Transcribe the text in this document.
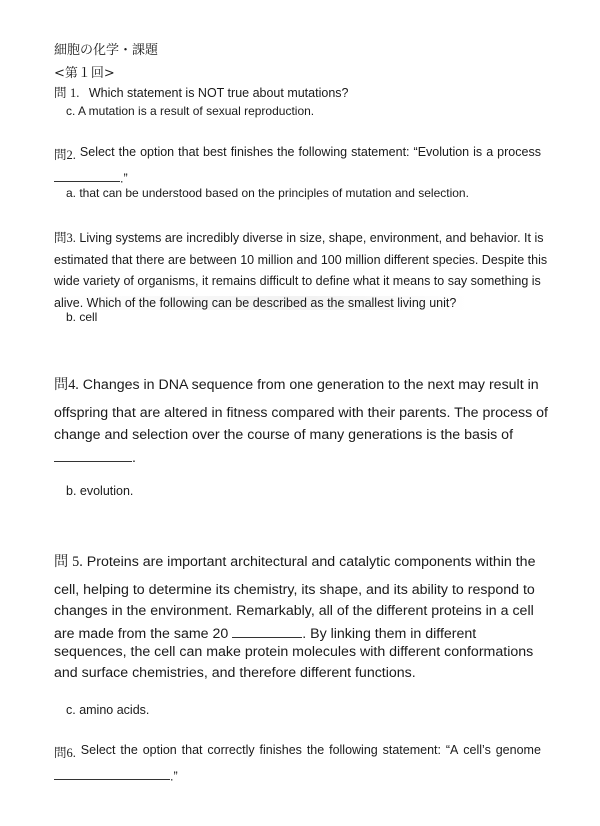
細胞の化学・課題
<第１回>
問 1. Which statement is NOT true about mutations?
c. A mutation is a result of sexual reproduction.
問2. Select the option that best finishes the following statement: “Evolution is a process
.”
a. that can be understood based on the principles of mutation and selection.
問3. Living systems are incredibly diverse in size, shape, environment, and behavior. It is
estimated that there are between 10 million and 100 million different species. Despite this
wide variety of organisms, it remains difficult to define what it means to say something is
alive. Which of the following can be described as the smallest living unit?
b. cell
問4. Changes in DNA sequence from one generation to the next may result in
offspring that are altered in fitness compared with their parents. The process of
change and selection over the course of many generations is the basis of
.
b. evolution.
問 5. Proteins are important architectural and catalytic components within the
cell, helping to determine its chemistry, its shape, and its ability to respond to
changes in the environment. Remarkably, all of the different proteins in a cell
are made from the same 20	. By linking them in different
sequences, the cell can make protein molecules with different conformations
and surface chemistries, and therefore different functions.
c. amino acids.
問6. Select the option that correctly finishes the following statement: “A cell’s genome
.”
